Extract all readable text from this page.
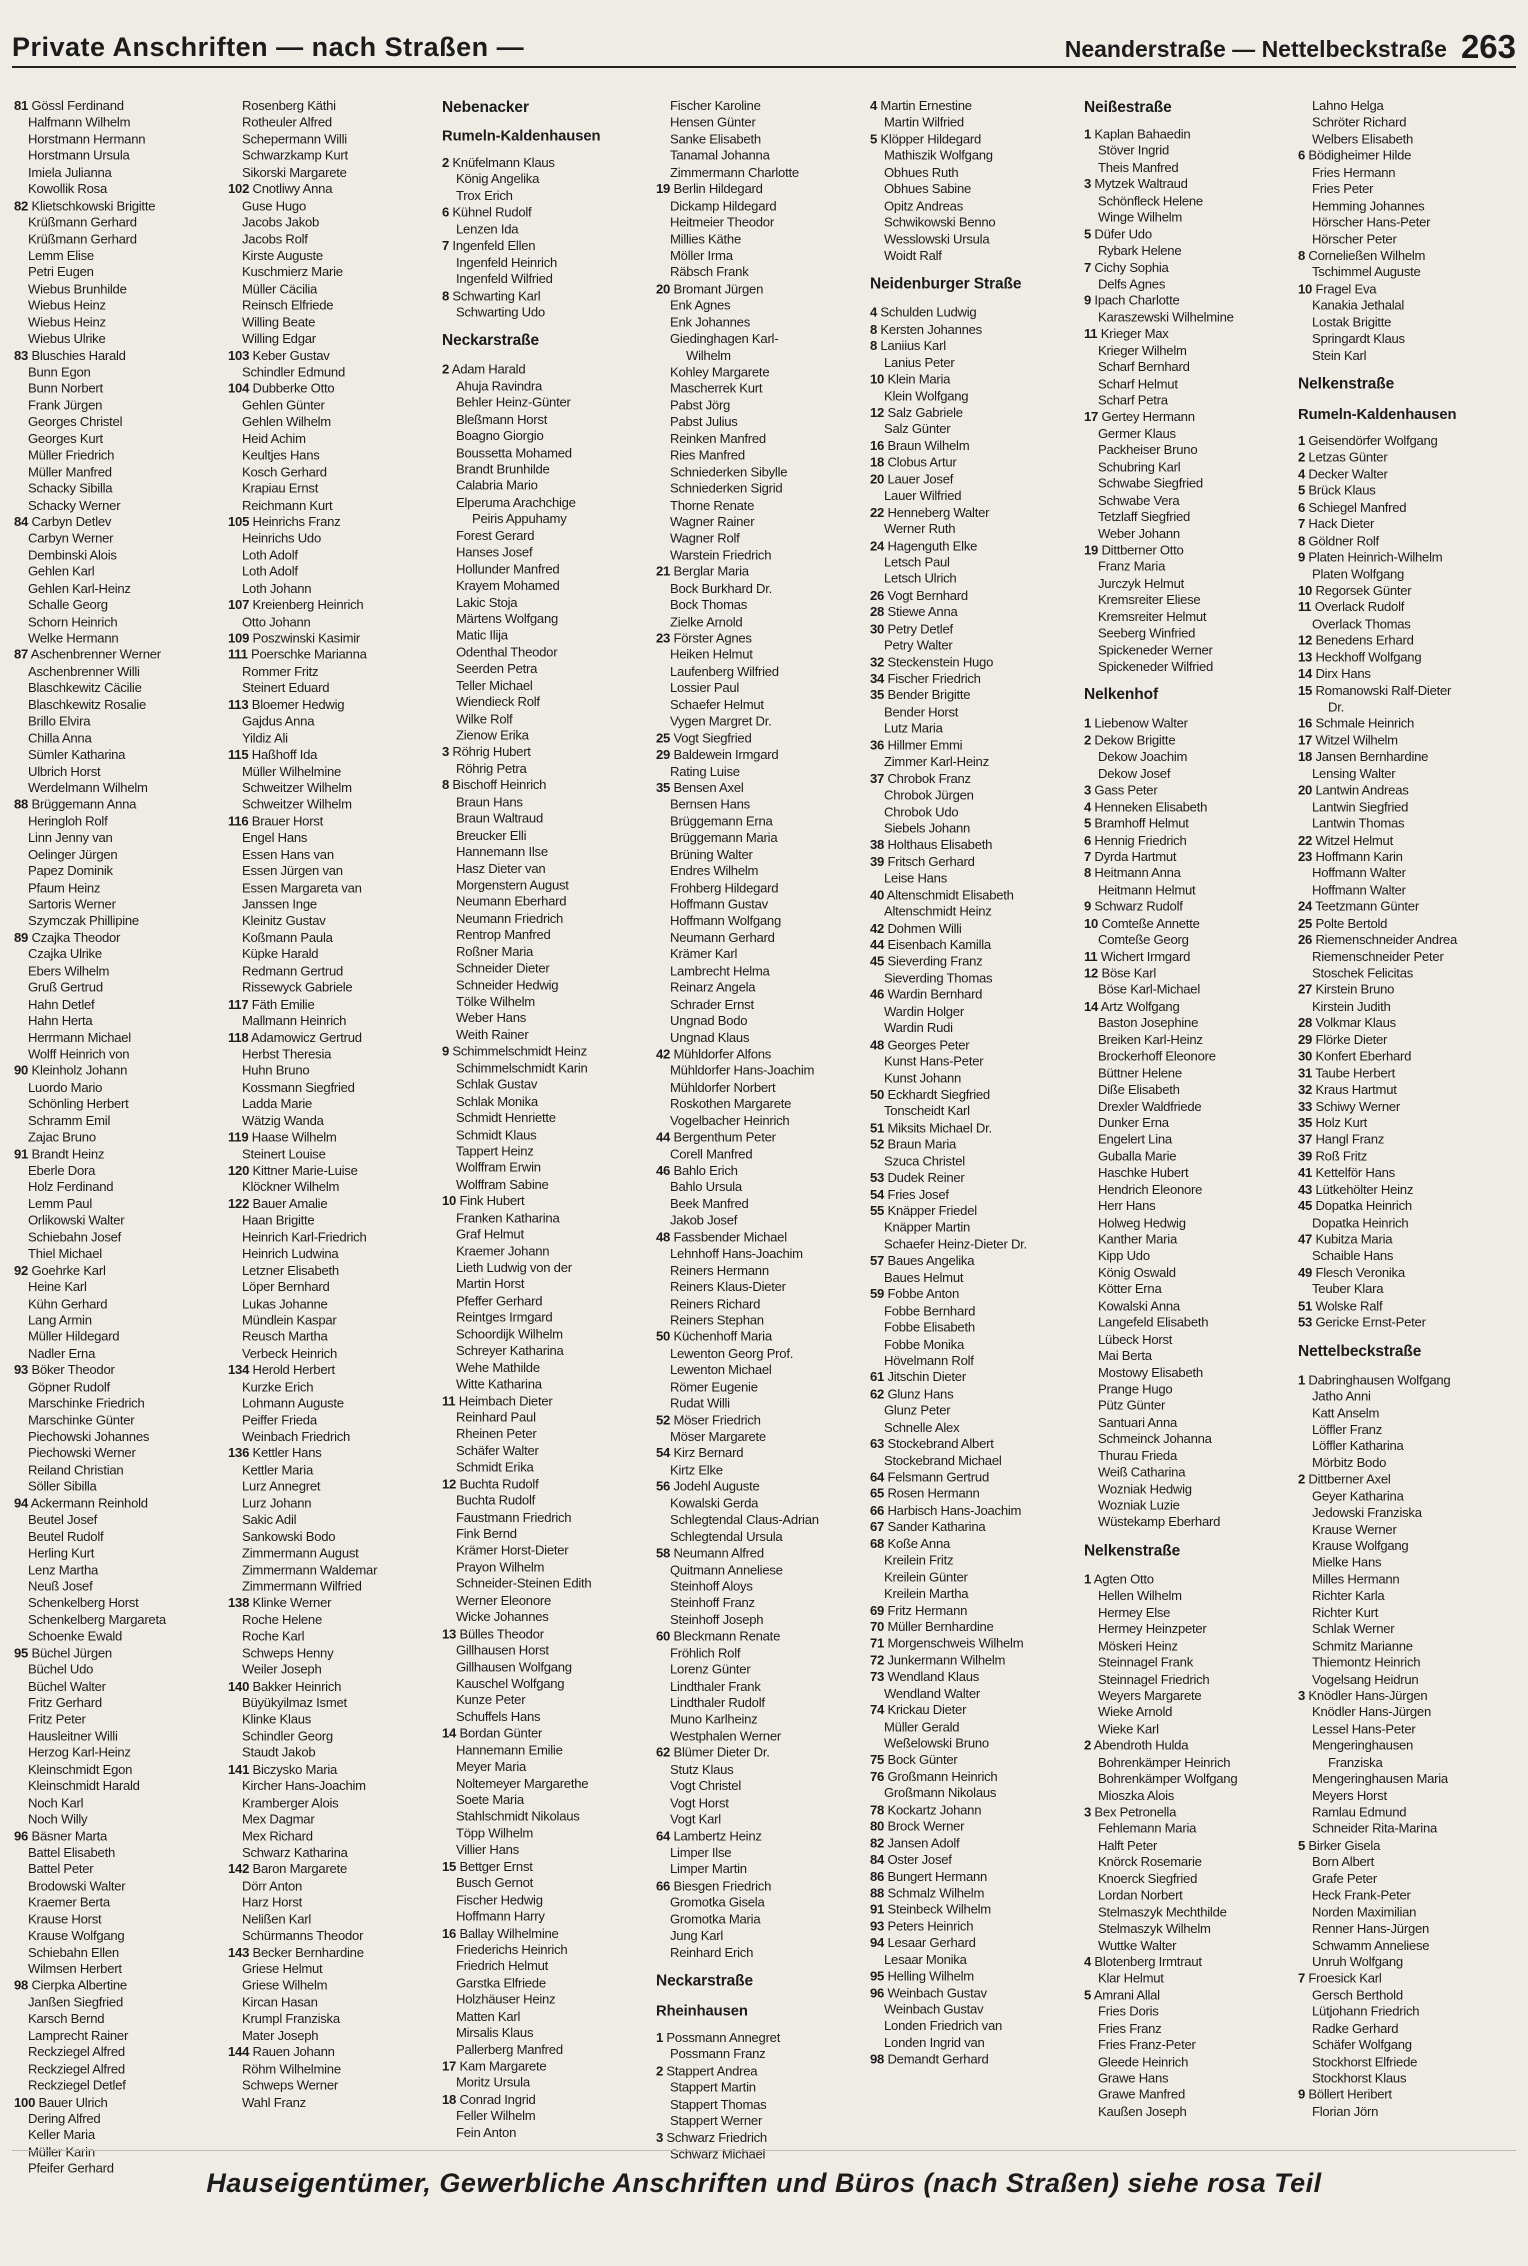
Private Anschriften — nach Straßen —	Neanderstraße — Nettelbeckstraße 263
81 Gössl Ferdinand
Halfmann Wilhelm
Horstmann Hermann
Horstmann Ursula
Imiela Julianna
Kowollik Rosa
82 Klietschkowski Brigitte
Krüßmann Gerhard
Krüßmann Gerhard
Lemm Elise
Petri Eugen
Wiebus Brunhilde
Wiebus Heinz
Wiebus Heinz
Wiebus Ulrike
83 Bluschies Harald
Bunn Egon
Bunn Norbert
Frank Jürgen
Georges Christel
Georges Kurt
Müller Friedrich
Müller Manfred
Schacky Sibilla
Schacky Werner
84 Carbyn Detlev
Carbyn Werner
Dembinski Alois
Gehlen Karl
Gehlen Karl-Heinz
Schalle Georg
Schorn Heinrich
Welke Hermann
87 Aschenbrenner Werner
Aschenbrenner Willi
Blaschkewitz Cäcilie
Blaschkewitz Rosalie
Brillo Elvira
Chilla Anna
Sümler Katharina
Ulbrich Horst
Werdelmann Wilhelm
88 Brüggemann Anna
Heringloh Rolf
Linn Jenny van
Oelinger Jürgen
Papez Dominik
Pfaum Heinz
Sartoris Werner
Szymczak Phillipine
89 Czajka Theodor
Czajka Ulrike
Ebers Wilhelm
Gruß Gertrud
Hahn Detlef
Hahn Herta
Herrmann Michael
Wolff Heinrich von
90 Kleinholz Johann
Luordo Mario
Schönling Herbert
Schramm Emil
Zajac Bruno
91 Brandt Heinz
Eberle Dora
Holz Ferdinand
Lemm Paul
Orlikowski Walter
Schiebahn Josef
Thiel Michael
92 Goehrke Karl
Heine Karl
Kühn Gerhard
Lang Armin
Müller Hildegard
Nadler Erna
93 Böker Theodor
Göpner Rudolf
Marschinke Friedrich
Marschinke Günter
Piechowski Johannes
Piechowski Werner
Reiland Christian
Söller Sibilla
94 Ackermann Reinhold
Beutel Josef
Beutel Rudolf
Herling Kurt
Lenz Martha
Neuß Josef
Schenkelberg Horst
Schenkelberg Margareta
Schoenke Ewald
95 Büchel Jürgen
Büchel Udo
Büchel Walter
Fritz Gerhard
Fritz Peter
Hausleitner Willi
Herzog Karl-Heinz
Kleinschmidt Egon
Kleinschmidt Harald
Noch Karl
Noch Willy
96 Bäsner Marta
Battel Elisabeth
Battel Peter
Brodowski Walter
Kraemer Berta
Krause Horst
Krause Wolfgang
Schiebahn Ellen
Wilmsen Herbert
98 Cierpka Albertine
Janßen Siegfried
Karsch Bernd
Lamprecht Rainer
Reckziegel Alfred
Reckziegel Alfred
Reckziegel Detlef
100 Bauer Ulrich
Dering Alfred
Keller Maria
Müller Karin
Pfeifer Gerhard
Rosenberg Käthi
Rotheuler Alfred
Schepermann Willi
Schwarzkamp Kurt
Sikorski Margarete
102 Cnotliwy Anna
Guse Hugo
Jacobs Jakob
Jacobs Rolf
Kirste Auguste
Kuschmierz Marie
Müller Cäcilia
Reinsch Elfriede
Willing Beate
Willing Edgar
103 Keber Gustav
Schindler Edmund
104 Dubberke Otto
Gehlen Günter
Gehlen Wilhelm
Heid Achim
Keultjes Hans
Kosch Gerhard
Krapiau Ernst
Reichmann Kurt
105 Heinrichs Franz
Heinrichs Udo
Loth Adolf
Loth Adolf
Loth Johann
107 Kreienberg Heinrich
Otto Johann
109 Poszwinski Kasimir
111 Poerschke Marianna
Rommer Fritz
Steinert Eduard
113 Bloemer Hedwig
Gajdus Anna
Yildiz Ali
115 Haßhoff Ida
Müller Wilhelmine
Schweitzer Wilhelm
Schweitzer Wilhelm
116 Brauer Horst
Engel Hans
Essen Hans van
Essen Jürgen van
Essen Margareta van
Janssen Inge
Kleinitz Gustav
Koßmann Paula
Küpke Harald
Redmann Gertrud
Rissewyck Gabriele
117 Fäth Emilie
Mallmann Heinrich
118 Adamowicz Gertrud
Herbst Theresia
Huhn Bruno
Kossmann Siegfried
Ladda Marie
Wätzig Wanda
119 Haase Wilhelm
Steinert Louise
120 Kittner Marie-Luise
Klöckner Wilhelm
122 Bauer Amalie
Haan Brigitte
Heinrich Karl-Friedrich
Heinrich Ludwina
Letzner Elisabeth
Löper Bernhard
Lukas Johanne
Mündlein Kaspar
Reusch Martha
Verbeck Heinrich
134 Herold Herbert
Kurzke Erich
Lohmann Auguste
Peiffer Frieda
Weinbach Friedrich
136 Kettler Hans
Kettler Maria
Lurz Annegret
Lurz Johann
Sakic Adil
Sankowski Bodo
Zimmermann August
Zimmermann Waldemar
Zimmermann Wilfried
138 Klinke Werner
Roche Helene
Roche Karl
Schweps Henny
Weiler Joseph
140 Bakker Heinrich
Büyükyilmaz Ismet
Klinke Klaus
Schindler Georg
Staudt Jakob
141 Biczysko Maria
Kircher Hans-Joachim
Kramberger Alois
Mex Dagmar
Mex Richard
Schwarz Katharina
142 Baron Margarete
Dörr Anton
Harz Horst
Nelißen Karl
Schürmanns Theodor
143 Becker Bernhardine
Griese Helmut
Griese Wilhelm
Kircan Hasan
Krumpl Franziska
Mater Joseph
144 Rauen Johann
Röhm Wilhelmine
Schweps Werner
Wahl Franz
Nebenacker
Rumeln-Kaldenhausen
2 Knüfelmann Klaus
König Angelika
Trox Erich
6 Kühnel Rudolf
Lenzen Ida
7 Ingenfeld Ellen
Ingenfeld Heinrich
Ingenfeld Wilfried
8 Schwarting Karl
Schwarting Udo
Neckarstraße
2 Adam Harald
Ahuja Ravindra
Behler Heinz-Günter
Bleßmann Horst
Boagno Giorgio
Boussetta Mohamed
Brandt Brunhilde
Calabria Mario
Elperuma Arachchige
Peiris Appuhamy
Forest Gerard
Hanses Josef
Hollunder Manfred
Krayem Mohamed
Lakic Stoja
Märtens Wolfgang
Matic Ilija
Odenthal Theodor
Seerden Petra
Teller Michael
Wiendieck Rolf
Wilke Rolf
Zienow Erika
3 Röhrig Hubert
Röhrig Petra
8 Bischoff Heinrich
Braun Hans
Braun Waltraud
Breucker Elli
Hannemann Ilse
Hasz Dieter van
Morgenstern August
Neumann Eberhard
Neumann Friedrich
Rentrop Manfred
Roßner Maria
Schneider Dieter
Schneider Hedwig
Tölke Wilhelm
Weber Hans
Weith Rainer
9 Schimmelschmidt Heinz
Schimmelschmidt Karin
Schlak Gustav
Schlak Monika
Schmidt Henriette
Schmidt Klaus
Tappert Heinz
Wolffram Erwin
Wolffram Sabine
10 Fink Hubert
Franken Katharina
Graf Helmut
Kraemer Johann
Lieth Ludwig von der
Martin Horst
Pfeffer Gerhard
Reintges Irmgard
Schoordijk Wilhelm
Schreyer Katharina
Wehe Mathilde
Witte Katharina
11 Heimbach Dieter
Reinhard Paul
Rheinen Peter
Schäfer Walter
Schmidt Erika
12 Buchta Rudolf
Buchta Rudolf
Faustmann Friedrich
Fink Bernd
Krämer Horst-Dieter
Prayon Wilhelm
Schneider-Steinen Edith
Werner Eleonore
Wicke Johannes
13 Bülles Theodor
Gillhausen Horst
Gillhausen Wolfgang
Kauschel Wolfgang
Kunze Peter
Schuffels Hans
14 Bordan Günter
Hannemann Emilie
Meyer Maria
Noltemeyer Margarethe
Soete Maria
Stahlschmidt Nikolaus
Töpp Wilhelm
Villier Hans
15 Bettger Ernst
Busch Gernot
Fischer Hedwig
Hoffmann Harry
16 Ballay Wilhelmine
Friederichs Heinrich
Friedrich Helmut
Garstka Elfriede
Holzhäuser Heinz
Matten Karl
Mirsalis Klaus
Pallerberg Manfred
17 Kam Margarete
Moritz Ursula
18 Conrad Ingrid
Feller Wilhelm
Fein Anton
Fischer Karoline
Hensen Günter
Sanke Elisabeth
Tanamal Johanna
Zimmermann Charlotte
19 Berlin Hildegard
Dickamp Hildegard
Heitmeier Theodor
Millies Käthe
Möller Irma
Räbsch Frank
20 Bromant Jürgen
Enk Agnes
Enk Johannes
Giedinghagen Karl-
Wilhelm
Kohley Margarete
Mascherrek Kurt
Pabst Jörg
Pabst Julius
Reinken Manfred
Ries Manfred
Schniederken Sibylle
Schniederken Sigrid
Thorne Renate
Wagner Rainer
Wagner Rolf
Warstein Friedrich
21 Berglar Maria
Bock Burkhard Dr.
Bock Thomas
Zielke Arnold
23 Förster Agnes
Heiken Helmut
Laufenberg Wilfried
Lossier Paul
Schaefer Helmut
Vygen Margret Dr.
25 Vogt Siegfried
29 Baldewein Irmgard
Rating Luise
35 Bensen Axel
Bernsen Hans
Brüggemann Erna
Brüggemann Maria
Brüning Walter
Endres Wilhelm
Frohberg Hildegard
Hoffmann Gustav
Hoffmann Wolfgang
Neumann Gerhard
Krämer Karl
Lambrecht Helma
Reinarz Angela
Schrader Ernst
Ungnad Bodo
Ungnad Klaus
42 Mühldorfer Alfons
Mühldorfer Hans-Joachim
Mühldorfer Norbert
Roskothen Margarete
Vogelbacher Heinrich
44 Bergenthum Peter
Corell Manfred
46 Bahlo Erich
Bahlo Ursula
Beek Manfred
Jakob Josef
48 Fassbender Michael
Lehnhoff Hans-Joachim
Reiners Hermann
Reiners Klaus-Dieter
Reiners Richard
Reiners Stephan
50 Küchenhoff Maria
Lewenton Georg Prof.
Lewenton Michael
Römer Eugenie
Rudat Willi
52 Möser Friedrich
Möser Margarete
54 Kirz Bernard
Kirtz Elke
56 Jodehl Auguste
Kowalski Gerda
Schlegtendal Claus-Adrian
Schlegtendal Ursula
58 Neumann Alfred
Quitmann Anneliese
Steinhoff Aloys
Steinhoff Franz
Steinhoff Joseph
60 Bleckmann Renate
Fröhlich Rolf
Lorenz Günter
Lindthaler Frank
Lindthaler Rudolf
Muno Karlheinz
Westphalen Werner
62 Blümer Dieter Dr.
Stutz Klaus
Vogt Christel
Vogt Horst
Vogt Karl
64 Lambertz Heinz
Limper Ilse
Limper Martin
66 Biesgen Friedrich
Gromotka Gisela
Gromotka Maria
Jung Karl
Reinhard Erich
Neckarstraße
Rheinhausen
1 Possmann Annegret
Possmann Franz
2 Stappert Andrea
Stappert Martin
Stappert Thomas
Stappert Werner
3 Schwarz Friedrich
Schwarz Michael
4 Martin Ernestine
Martin Wilfried
5 Klöpper Hildegard
Mathiszik Wolfgang
Obhues Ruth
Obhues Sabine
Opitz Andreas
Schwikowski Benno
Wesslowski Ursula
Woidt Ralf
Neidenburger Straße
4 Schulden Ludwig
8 Kersten Johannes
8 Laniius Karl
Lanius Peter
10 Klein Maria
Klein Wolfgang
12 Salz Gabriele
Salz Günter
16 Braun Wilhelm
18 Clobus Artur
20 Lauer Josef
Lauer Wilfried
22 Henneberg Walter
Werner Ruth
24 Hagenguth Elke
Letsch Paul
Letsch Ulrich
26 Vogt Bernhard
28 Stiewe Anna
30 Petry Detlef
Petry Walter
32 Steckenstein Hugo
34 Fischer Friedrich
35 Bender Brigitte
Bender Horst
Lutz Maria
36 Hillmer Emmi
Zimmer Karl-Heinz
37 Chrobok Franz
Chrobok Jürgen
Chrobok Udo
Siebels Johann
38 Holthaus Elisabeth
39 Fritsch Gerhard
Leise Hans
40 Altenschmidt Elisabeth
Altenschmidt Heinz
42 Dohmen Willi
44 Eisenbach Kamilla
45 Sieverding Franz
Sieverding Thomas
46 Wardin Bernhard
Wardin Holger
Wardin Rudi
48 Georges Peter
Kunst Hans-Peter
Kunst Johann
50 Eckhardt Siegfried
Tonscheidt Karl
51 Miksits Michael Dr.
52 Braun Maria
Szuca Christel
53 Dudek Reiner
54 Fries Josef
55 Knäpper Friedel
Knäpper Martin
Schaefer Heinz-Dieter Dr.
57 Baues Angelika
Baues Helmut
59 Fobbe Anton
Fobbe Bernhard
Fobbe Elisabeth
Fobbe Monika
Hövelmann Rolf
61 Jitschin Dieter
62 Glunz Hans
Glunz Peter
Schnelle Alex
63 Stockebrand Albert
Stockebrand Michael
64 Felsmann Gertrud
65 Rosen Hermann
66 Harbisch Hans-Joachim
67 Sander Katharina
68 Koße Anna
Kreilein Fritz
Kreilein Günter
Kreilein Martha
69 Fritz Hermann
70 Müller Bernhardine
71 Morgenschweis Wilhelm
72 Junkermann Wilhelm
73 Wendland Klaus
Wendland Walter
74 Krickau Dieter
Müller Gerald
Weßelowski Bruno
75 Bock Günter
76 Großmann Heinrich
Großmann Nikolaus
78 Kockartz Johann
80 Brock Werner
82 Jansen Adolf
84 Oster Josef
86 Bungert Hermann
88 Schmalz Wilhelm
91 Steinbeck Wilhelm
93 Peters Heinrich
94 Lesaar Gerhard
Lesaar Monika
95 Helling Wilhelm
96 Weinbach Gustav
Weinbach Gustav
Londen Friedrich van
Londen Ingrid van
98 Demandt Gerhard
Neißestraße
1 Kaplan Bahaedin
Stöver Ingrid
Theis Manfred
3 Mytzek Waltraud
Schönfleck Helene
Winge Wilhelm
5 Düfer Udo
Rybark Helene
7 Cichy Sophia
Delfs Agnes
9 Ipach Charlotte
Karaszewski Wilhelmine
11 Krieger Max
Krieger Wilhelm
Scharf Bernhard
Scharf Helmut
Scharf Petra
17 Gertey Hermann
Germer Klaus
Packheiser Bruno
Schubring Karl
Schwabe Siegfried
Schwabe Vera
Tetzlaff Siegfried
Weber Johann
19 Dittberner Otto
Franz Maria
Jurczyk Helmut
Kremsreiter Eliese
Kremsreiter Helmut
Seeberg Winfried
Spickeneder Werner
Spickeneder Wilfried
Nelkenhof
1 Liebenow Walter
2 Dekow Brigitte
Dekow Joachim
Dekow Josef
3 Gass Peter
4 Henneken Elisabeth
5 Bramhoff Helmut
6 Hennig Friedrich
7 Dyrda Hartmut
8 Heitmann Anna
Heitmann Helmut
9 Schwarz Rudolf
10 Comteße Annette
Comteße Georg
11 Wichert Irmgard
12 Böse Karl
Böse Karl-Michael
14 Artz Wolfgang
Baston Josephine
Breiken Karl-Heinz
Brockerhoff Eleonore
Büttner Helene
Diße Elisabeth
Drexler Waldfriede
Dunker Erna
Engelert Lina
Guballa Marie
Haschke Hubert
Hendrich Eleonore
Herr Hans
Holweg Hedwig
Kanther Maria
Kipp Udo
König Oswald
Kötter Erna
Kowalski Anna
Langefeld Elisabeth
Lübeck Horst
Mai Berta
Mostowy Elisabeth
Prange Hugo
Pütz Günter
Santuari Anna
Schmeinck Johanna
Thurau Frieda
Weiß Catharina
Wozniak Hedwig
Wozniak Luzie
Wüstekamp Eberhard
Nelkenstraße
1 Agten Otto
Hellen Wilhelm
Hermey Else
Hermey Heinzpeter
Möskeri Heinz
Steinnagel Frank
Steinnagel Friedrich
Weyers Margarete
Wieke Arnold
Wieke Karl
2 Abendroth Hulda
Bohrenkämper Heinrich
Bohrenkämper Wolfgang
Mioszka Alois
3 Bex Petronella
Fehlemann Maria
Halft Peter
Knörck Rosemarie
Knoerck Siegfried
Lordan Norbert
Stelmaszyk Mechthilde
Stelmaszyk Wilhelm
Wuttke Walter
4 Blotenberg Irmtraut
Klar Helmut
5 Amrani Allal
Fries Doris
Fries Franz
Fries Franz-Peter
Gleede Heinrich
Grawe Hans
Grawe Manfred
Kaußen Joseph
Lahno Helga
Schröter Richard
Welbers Elisabeth
6 Bödigheimer Hilde
Fries Hermann
Fries Peter
Hemming Johannes
Hörscher Hans-Peter
Hörscher Peter
8 Corneließen Wilhelm
Tschimmel Auguste
10 Fragel Eva
Kanakia Jethalal
Lostak Brigitte
Springardt Klaus
Stein Karl
Nelkenstraße
Rumeln-Kaldenhausen
1 Geisendörfer Wolfgang
2 Letzas Günter
4 Decker Walter
5 Brück Klaus
6 Schiegel Manfred
7 Hack Dieter
8 Göldner Rolf
9 Platen Heinrich-Wilhelm
Platen Wolfgang
10 Regorsek Günter
11 Overlack Rudolf
Overlack Thomas
12 Benedens Erhard
13 Heckhoff Wolfgang
14 Dirx Hans
15 Romanowski Ralf-Dieter
Dr.
16 Schmale Heinrich
17 Witzel Wilhelm
18 Jansen Bernhardine
Lensing Walter
20 Lantwin Andreas
Lantwin Siegfried
Lantwin Thomas
22 Witzel Helmut
23 Hoffmann Karin
Hoffmann Walter
Hoffmann Walter
24 Teetzmann Günter
25 Polte Bertold
26 Riemenschneider Andrea
Riemenschneider Peter
Stoschek Felicitas
27 Kirstein Bruno
Kirstein Judith
28 Volkmar Klaus
29 Flörke Dieter
30 Konfert Eberhard
31 Taube Herbert
32 Kraus Hartmut
33 Schiwy Werner
35 Holz Kurt
37 Hangl Franz
39 Roß Fritz
41 Kettelför Hans
43 Lütkehölter Heinz
45 Dopatka Heinrich
Dopatka Heinrich
47 Kubitza Maria
Schaible Hans
49 Flesch Veronika
Teuber Klara
51 Wolske Ralf
53 Gericke Ernst-Peter
Nettelbeckstraße
1 Dabringhausen Wolfgang
Jatho Anni
Katt Anselm
Löffler Franz
Löffler Katharina
Mörbitz Bodo
2 Dittberner Axel
Geyer Katharina
Jedowski Franziska
Krause Werner
Krause Wolfgang
Mielke Hans
Milles Hermann
Richter Karla
Richter Kurt
Schlak Werner
Schmitz Marianne
Thiemontz Heinrich
Vogelsang Heidrun
3 Knödler Hans-Jürgen
Knödler Hans-Jürgen
Lessel Hans-Peter
Mengeringhausen
Franziska
Mengeringhausen Maria
Meyers Horst
Ramlau Edmund
Schneider Rita-Marina
5 Birker Gisela
Born Albert
Grafe Peter
Heck Frank-Peter
Norden Maximilian
Renner Hans-Jürgen
Schwamm Anneliese
Unruh Wolfgang
7 Froesick Karl
Gersch Berthold
Lütjohann Friedrich
Radke Gerhard
Schäfer Wolfgang
Stockhorst Elfriede
Stockhorst Klaus
9 Böllert Heribert
Florian Jörn
Hauseigentümer, Gewerbliche Anschriften und Büros (nach Straßen) siehe rosa Teil
